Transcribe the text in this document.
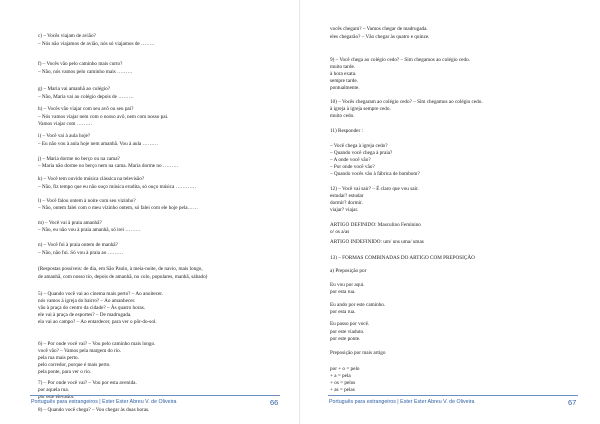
c) – Vocês viajam de avião?
– Nós não viajamos de avião, nós só viajamos de ……..
f) – Vocês vão pelo caminho mais curto?
– Não, nós vamos pelo caminho mais ………
g) – Maria vai amanhã ao colégio?
– Não, Maria vai ao colégio depois de ………
h) – Vocês vão viajar com seu avô ou seu pai?
– Nós vamos viajar nem com o nosso avô, nem com nosso pai.
Vamos viajar com ………
i) – Você vai à aula hoje?
– Eu não vou à aula hoje nem amanhã. Vou à aula ………
j) – Maria dorme no berço ou na cama?
– Maria não dorme no berço nem na cama. Maria dorme no ………
k) – Você tem ouvido música clássica na televisão?
– Não, fiz tempo que eu não ouço música erudita, só ouço música …………
l) – Você falou ontem à noite com seu vizinho?
– Não, ontem falei com o meu vizinho ontem, só falei com ele hoje pela……
m) – Você vai à praia amanhã?
– Não, eu não vou à praia amanhã, só irei ………
n) – Você foi à praia ontem de manhã?
– Não, não fui. Só vou à praia ao ………
(Respostas possíveis: de dia, em São Paulo, à meia-noite, de navio, mais longo,
de amanhã, com nosso tio, depois de amanhã, no colo, populares, manhã, sábado)
5) – Quando você vai ao cinema mais perto? – Ao anoitecer.
nós vamos à igreja do bairro? – Ao amanhecer.
vão à praça do centro da cidade? – Às quatro horas.
ele vai à praça de esportes? – De madrugada.
ela vai ao campo? – Ao entardecer, para ver o pôr-do-sol.
6) – Por onde você vai? – Vou pelo caminho mais longo.
você vão? – Vamos pela margem do rio.
pela rua mais perto.
pelo corredor, porque é mais perto.
pela ponte, para ver o rio.
7) – Por onde você vai? – Vou por esta avenida.
por aquela rua.
por este elevador.
8) – Quando você chega? – Vou chegar às duas horas.
vocês chegam? – Vamos chegar de madrugada.
eles chegarão? – Vão chegar às quatro e quinze.
9) – Você chega ao colégio cedo? – Sim chegamos ao colégio cedo.
muito tarde.
à hora exata.
sempre tarde.
pontualmente.
10) – Vocês chegaram ao colégio cedo? – Sim chegamos ao colégio cedo.
à igreja à igreja sempre cedo.
muito cedo.
11) Responder :
– Você chega à igreja cedo?
– Quando você chega à praia?
– A onde você vão?
– Por onde você vão?
– Quando vocês vão à fábrica de bombom?
12) – Você vai sair? – É claro que vou sair.
estudar? estudar
dormir? dormir.
viajar? viajar.
ARTIGO DEFINIDO: Masculino Feminino
o/ os a/as
ARTIGO INDEFINIDO: um/ uns uma/ umas
13) – FORMAS COMBINADAS DO ARTIGO COM PREPOSIÇÃO
a) Preposição por
Eu vou por aqui.
por esta rua.
Eu ando por este caminho.
por esta rua.
Eu passo por você.
por este viaduto.
por este ponte.
Preposição por mais artigo
por + o = pelo
+ a = pela
+ os = pelos
+ as = pelas
Português para estrangeiros | Ester Ester Abreu V. de Oliveira	66	Português para estrangeiros | Ester Ester Abreu V. de Oliveira	67
